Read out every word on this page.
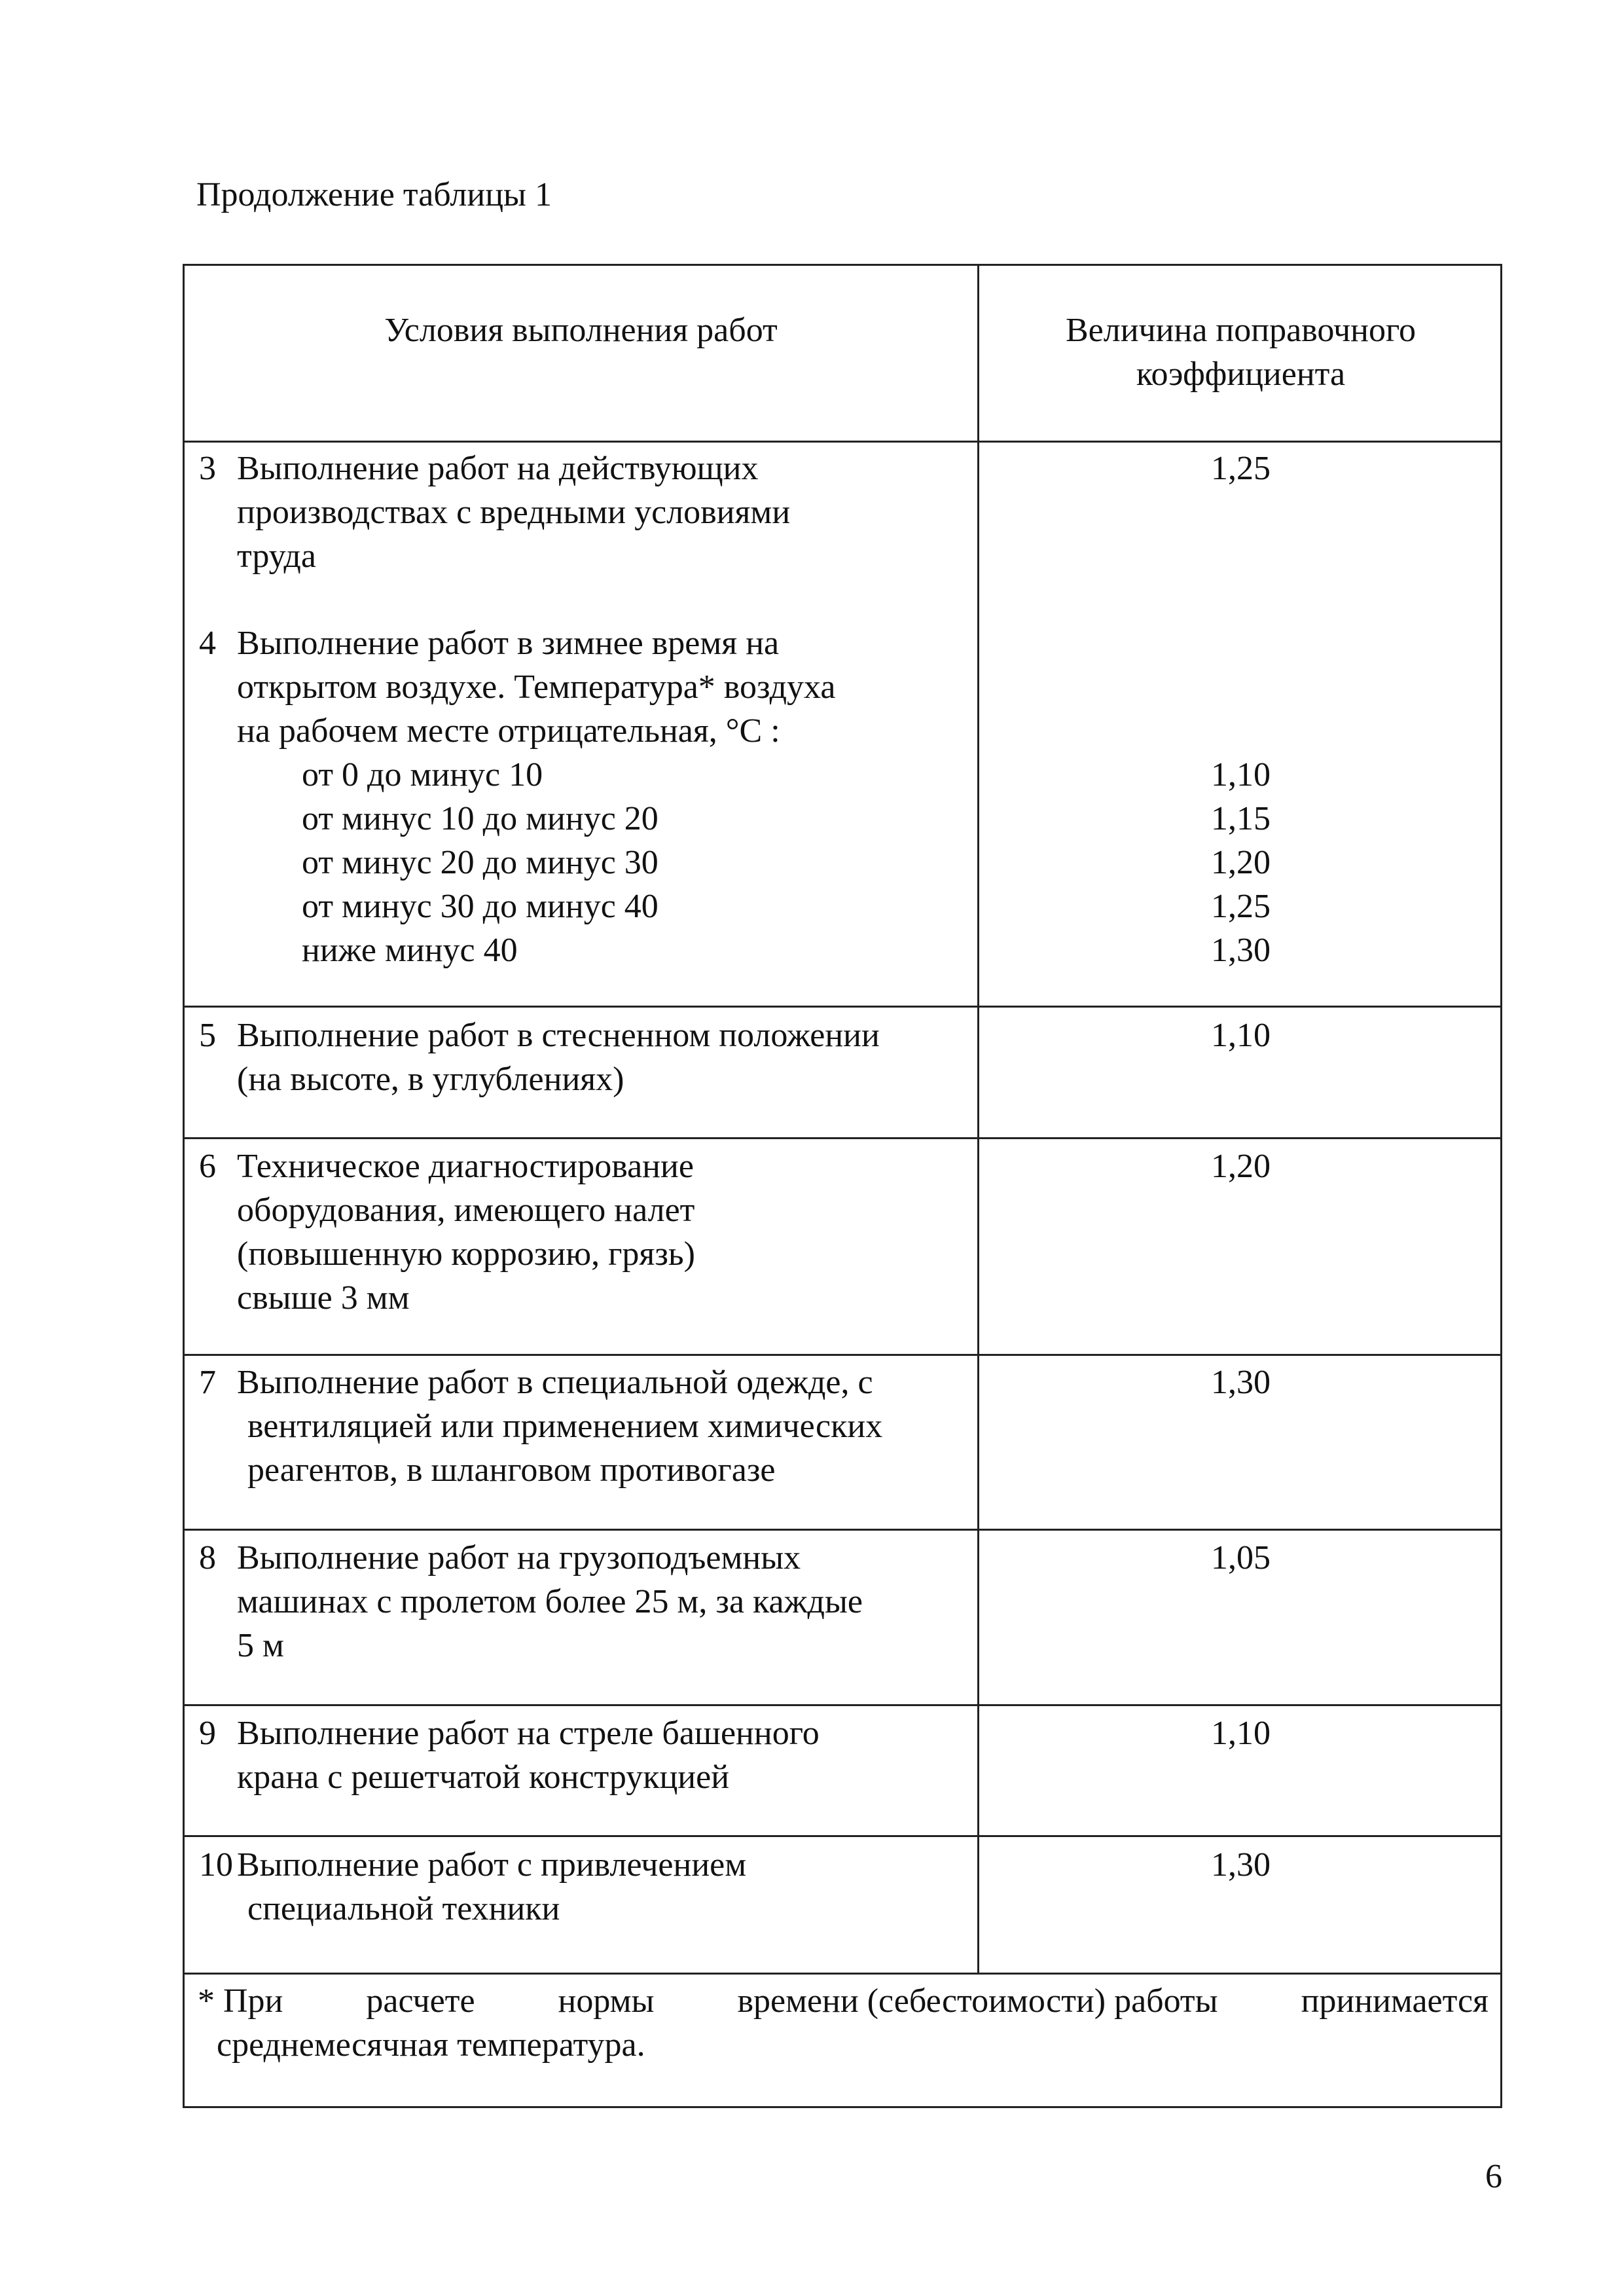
Продолжение таблицы 1
Условия выполнения работ	Величина поправочного
коэффициента
3 Выполнение работ на действующих
производствах с вредными условиями
труда
1,25
4 Выполнение работ в зимнее время на
открытом воздухе. Температура* воздуха
на рабочем месте отрицательная, °C :
от 0 до минус 10
от минус 10 до минус 20
от минус 20 до минус 30
от минус 30 до минус 40
ниже минус 40
1,10
1,15
1,20
1,25
1,30
5 Выполнение работ в стесненном положении
(на высоте, в углублениях)
1,10
6 Техническое диагностирование
оборудования, имеющего налет
(повышенную коррозию, грязь)
свыше 3 мм
1,20
7 Выполнение работ в специальной одежде, с
вентиляцией или применением химических
реагентов, в шланговом противогазе
1,30
8 Выполнение работ на грузоподъемных
машинах с пролетом более 25 м, за каждые
5 м
1,05
9 Выполнение работ на стреле башенного
крана с решетчатой конструкцией
1,10
10 Выполнение работ с привлечением
специальной техники
1,30
* При расчете нормы времени (себестоимости) работы принимается
среднемесячная температура.
6
